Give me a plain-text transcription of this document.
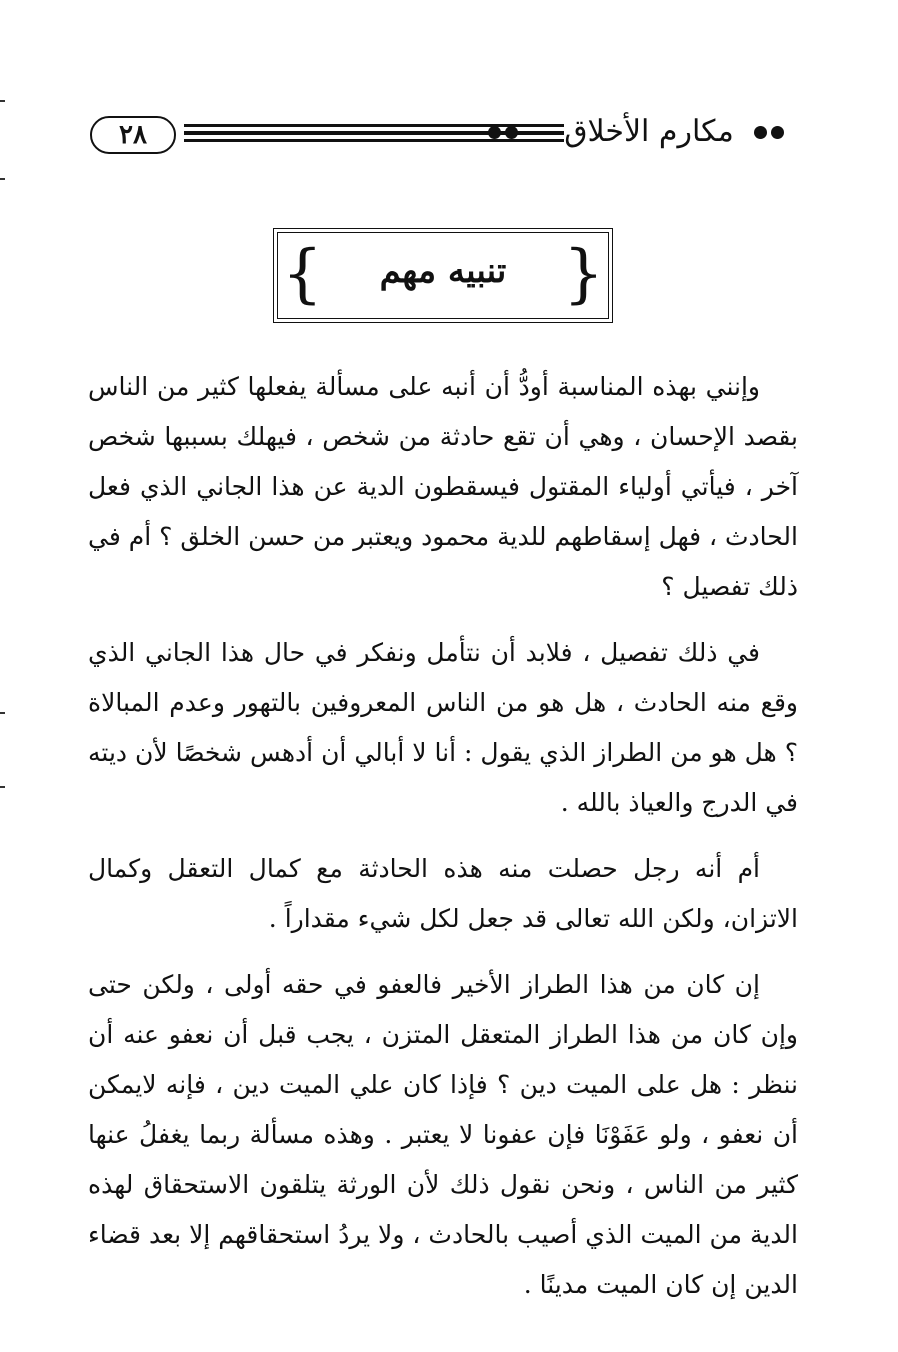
٢٨	مكارم الأخلاق
{	}
تنبيه مهم

وإنني بهذه المناسبة أودُّ أن أنبه على مسألة يفعلها كثير من الناس بقصد الإحسان ، وهي أن تقع حادثة من شخص ، فيهلك بسببها شخص آخر ، فيأتي أولياء المقتول فيسقطون الدية عن هذا الجاني الذي فعل الحادث ، فهل إسقاطهم للدية محمود ويعتبر من حسن الخلق ؟ أم في ذلك تفصيل ؟

في ذلك تفصيل ، فلابد أن نتأمل ونفكر في حال هذا الجاني الذي وقع منه الحادث ، هل هو من الناس المعروفين بالتهور وعدم المبالاة ؟ هل هو من الطراز الذي يقول : أنا لا أبالي أن أدهس شخصًا لأن ديته في الدرج والعياذ بالله .

أم أنه رجل حصلت منه هذه الحادثة مع كمال التعقل وكمال الاتزان، ولكن الله تعالى قد جعل لكل شيء مقداراً .

إن كان من هذا الطراز الأخير فالعفو في حقه أولى ، ولكن حتى وإن كان من هذا الطراز المتعقل المتزن ، يجب قبل أن نعفو عنه أن ننظر : هل على الميت دين ؟ فإذا كان علي الميت دين ، فإنه لايمكن أن نعفو ، ولو عَفَوْنَا فإن عفونا لا يعتبر . وهذه مسألة ربما يغفلُ عنها كثير من الناس ، ونحن نقول ذلك لأن الورثة يتلقون الاستحقاق لهذه الدية من الميت الذي أصيب بالحادث ، ولا يردُ استحقاقهم إلا بعد قضاء الدين إن كان الميت مدينًا .
